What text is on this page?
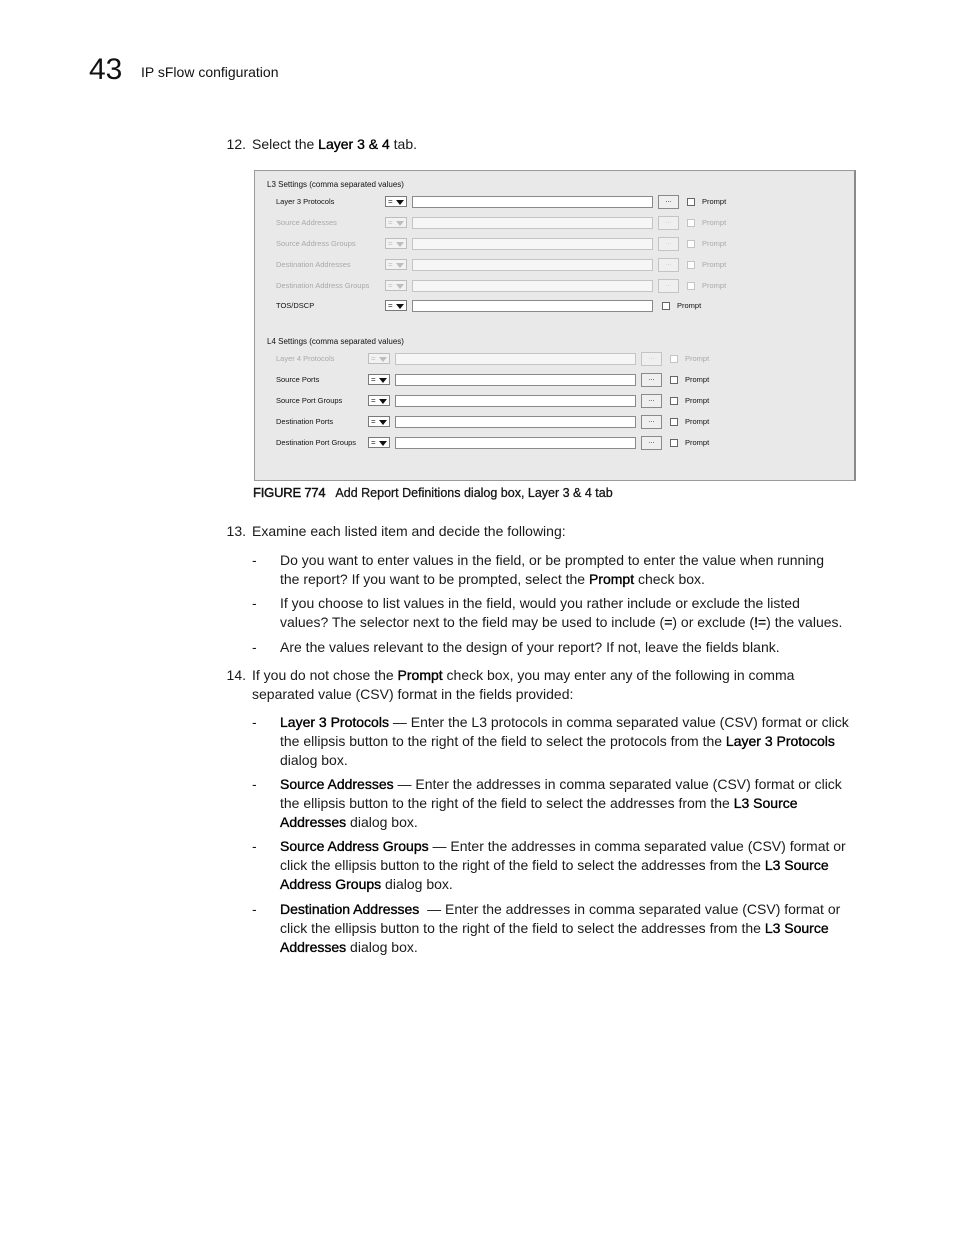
43 IP sFlow configuration
12. Select the Layer 3 & 4 tab.
L3 Settings (comma separated values)
Layer 3 Protocols	=	...	Prompt
Source Addresses	=	...	Prompt
Source Address Groups	=	...	Prompt
Destination Addresses	=	...	Prompt
Destination Address Groups =	...	Prompt
TOS/DSCP	=	Prompt
L4 Settings (comma separated values)
Layer 4 Protocols	=	...	Prompt
Source Ports	=	...	Prompt
Source Port Groups	=	...	Prompt
Destination Ports	=	...	Prompt
Destination Port Groups =	...	Prompt
FIGURE 774 Add Report Definitions dialog box, Layer 3 & 4 tab
13. Examine each listed item and decide the following:
- Do you want to enter values in the field, or be prompted to enter the value when running
the report? If you want to be prompted, select the Prompt check box.
- If you choose to list values in the field, would you rather include or exclude the listed
values? The selector next to the field may be used to include (=) or exclude (!=) the values.
- Are the values relevant to the design of your report? If not, leave the fields blank.
14. If you do not chose the Prompt check box, you may enter any of the following in comma
separated value (CSV) format in the fields provided:
- Layer 3 Protocols — Enter the L3 protocols in comma separated value (CSV) format or click
the ellipsis button to the right of the field to select the protocols from the Layer 3 Protocols
dialog box.
- Source Addresses — Enter the addresses in comma separated value (CSV) format or click
the ellipsis button to the right of the field to select the addresses from the L3 Source
Addresses dialog box.
- Source Address Groups — Enter the addresses in comma separated value (CSV) format or
click the ellipsis button to the right of the field to select the addresses from the L3 Source
Address Groups dialog box.
- Destination Addresses  — Enter the addresses in comma separated value (CSV) format or
click the ellipsis button to the right of the field to select the addresses from the L3 Source
Addresses dialog box.
